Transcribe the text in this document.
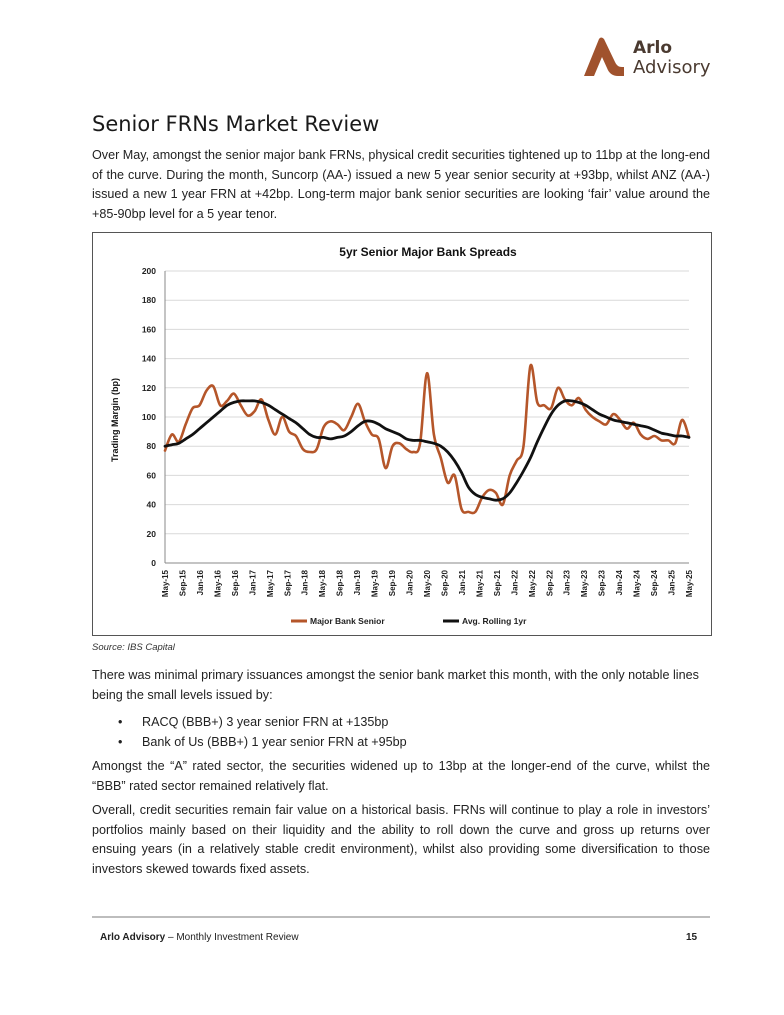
Arlo
Advisory
Senior FRNs Market Review

Over May, amongst the senior major bank FRNs, physical credit securities tightened up to 11bp at the long-end of the curve. During the month, Suncorp (AA-) issued a new 5 year senior security at +93bp, whilst ANZ (AA-) issued a new 1 year FRN at +42bp. Long-term major bank senior securities are looking ‘fair’ value around the +85-90bp level for a 5 year tenor.

5yr Senior Major Bank Spreads
0
20
40
60
80
100
120
140
160
180
200
May-15 Sep-15 Jan-16 May-16 Sep-16 Jan-17 May-17 Sep-17 Jan-18 May-18 Sep-18 Jan-19 May-19 Sep-19 Jan-20 May-20 Sep-20 Jan-21 May-21 Sep-21 Jan-22 May-22 Sep-22 Jan-23 May-23 Sep-23 Jan-24 May-24 Sep-24 Jan-25 May-25
Trading Margin (bp)
Major Bank Senior	Avg. Rolling 1yr
Source: IBS Capital

There was minimal primary issuances amongst the senior bank market this month, with the only notable lines being the small levels issued by:

• RACQ (BBB+) 3 year senior FRN at +135bp
• Bank of Us (BBB+) 1 year senior FRN at +95bp

Amongst the “A” rated sector, the securities widened up to 13bp at the longer-end of the curve, whilst the “BBB” rated sector remained relatively flat.

Overall, credit securities remain fair value on a historical basis. FRNs will continue to play a role in investors’ portfolios mainly based on their liquidity and the ability to roll down the curve and gross up returns over ensuing years (in a relatively stable credit environment), whilst also providing some diversification to those investors skewed towards fixed assets.

Arlo Advisory – Monthly Investment Review	15
